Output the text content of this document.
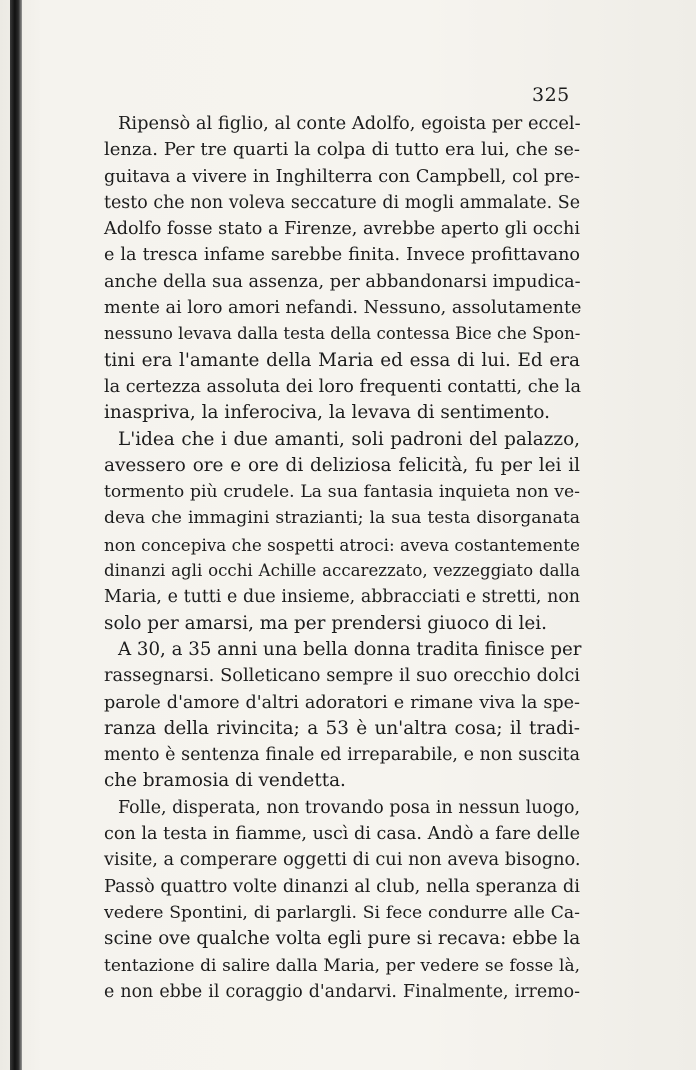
325
Ripensò al figlio, al conte Adolfo, egoista per eccel-
lenza. Per tre quarti la colpa di tutto era lui, che se-
guitava a vivere in Inghilterra con Campbell, col pre-
testo che non voleva seccature di mogli ammalate. Se
Adolfo fosse stato a Firenze, avrebbe aperto gli occhi
e la tresca infame sarebbe finita. Invece profittavano
anche della sua assenza, per abbandonarsi impudica-
mente ai loro amori nefandi. Nessuno, assolutamente
nessuno levava dalla testa della contessa Bice che Spon-
tini era l'amante della Maria ed essa di lui. Ed era
la certezza assoluta dei loro frequenti contatti, che la
inaspriva, la inferociva, la levava di sentimento.
L'idea che i due amanti, soli padroni del palazzo,
avessero ore e ore di deliziosa felicità, fu per lei il
tormento più crudele. La sua fantasia inquieta non ve-
deva che immagini strazianti; la sua testa disorganata
non concepiva che sospetti atroci: aveva costantemente
dinanzi agli occhi Achille accarezzato, vezzeggiato dalla
Maria, e tutti e due insieme, abbracciati e stretti, non
solo per amarsi, ma per prendersi giuoco di lei.
A 30, a 35 anni una bella donna tradita finisce per
rassegnarsi. Solleticano sempre il suo orecchio dolci
parole d'amore d'altri adoratori e rimane viva la spe-
ranza della rivincita; a 53 è un'altra cosa; il tradi-
mento è sentenza finale ed irreparabile, e non suscita
che bramosia di vendetta.
Folle, disperata, non trovando posa in nessun luogo,
con la testa in fiamme, uscì di casa. Andò a fare delle
visite, a comperare oggetti di cui non aveva bisogno.
Passò quattro volte dinanzi al club, nella speranza di
vedere Spontini, di parlargli. Si fece condurre alle Ca-
scine ove qualche volta egli pure si recava: ebbe la
tentazione di salire dalla Maria, per vedere se fosse là,
e non ebbe il coraggio d'andarvi. Finalmente, irremo-
